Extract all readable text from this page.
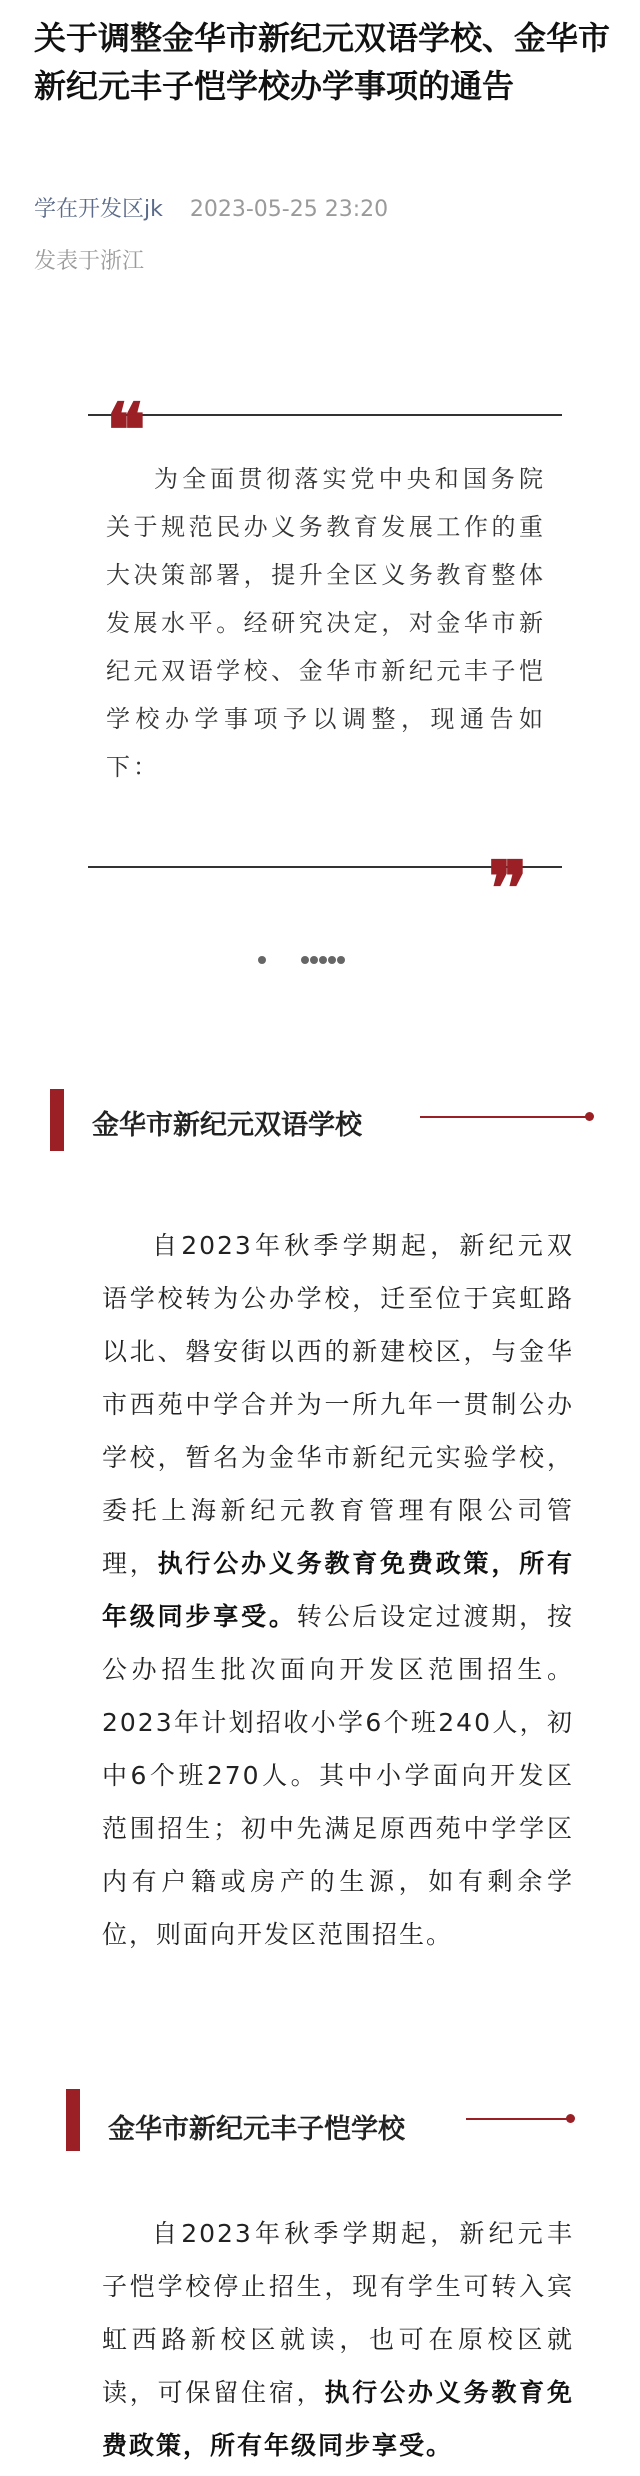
关于调整金华市新纪元双语学校、金华市新纪元丰子恺学校办学事项的通告
学在开发区jk 2023-05-25 23:20
发表于浙江
❝
为全面贯彻落实党中央和国务院关于规范民办义务教育发展工作的重大决策部署，提升全区义务教育整体发展水平。经研究决定，对金华市新纪元双语学校、金华市新纪元丰子恺学校办学事项予以调整，现通告如下：
❞
金华市新纪元双语学校

自2023年秋季学期起，新纪元双语学校转为公办学校，迁至位于宾虹路以北、磐安街以西的新建校区，与金华市西苑中学合并为一所九年一贯制公办学校，暂名为金华市新纪元实验学校，委托上海新纪元教育管理有限公司管理，执行公办义务教育免费政策，所有年级同步享受。转公后设定过渡期，按公办招生批次面向开发区范围招生。2023年计划招收小学6个班240人，初中6个班270人。其中小学面向开发区范围招生；初中先满足原西苑中学学区内有户籍或房产的生源，如有剩余学位，则面向开发区范围招生。

金华市新纪元丰子恺学校

自2023年秋季学期起，新纪元丰子恺学校停止招生，现有学生可转入宾虹西路新校区就读，也可在原校区就读，可保留住宿，执行公办义务教育免费政策，所有年级同步享受。
